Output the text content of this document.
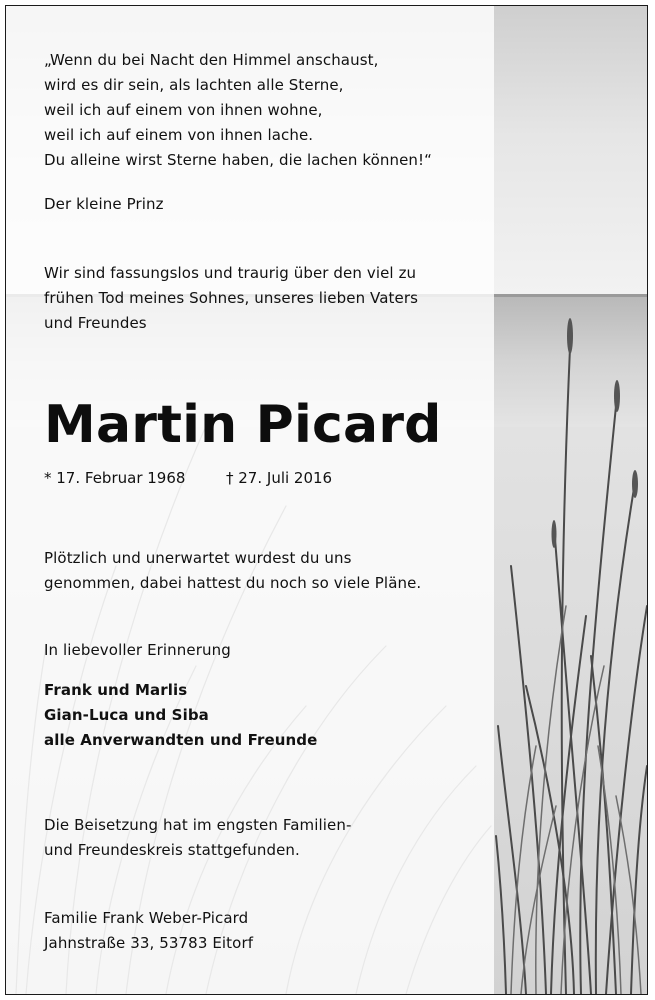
„Wenn du bei Nacht den Himmel anschaust,
wird es dir sein, als lachten alle Sterne,
weil ich auf einem von ihnen wohne,
weil ich auf einem von ihnen lache.
Du alleine wirst Sterne haben, die lachen können!“

Der kleine Prinz

Wir sind fassungslos und traurig über den viel zu
frühen Tod meines Sohnes, unseres lieben Vaters
und Freundes

Martin Picard
* 17. Februar 1968	† 27. Juli 2016

Plötzlich und unerwartet wurdest du uns
genommen, dabei hattest du noch so viele Pläne.

In liebevoller Erinnerung

Frank und Marlis

Gian-Luca und Siba

alle Anverwandten und Freunde

Die Beisetzung hat im engsten Familien-
und Freundeskreis stattgefunden.

Familie Frank Weber-Picard

Jahnstraße 33, 53783 Eitorf
